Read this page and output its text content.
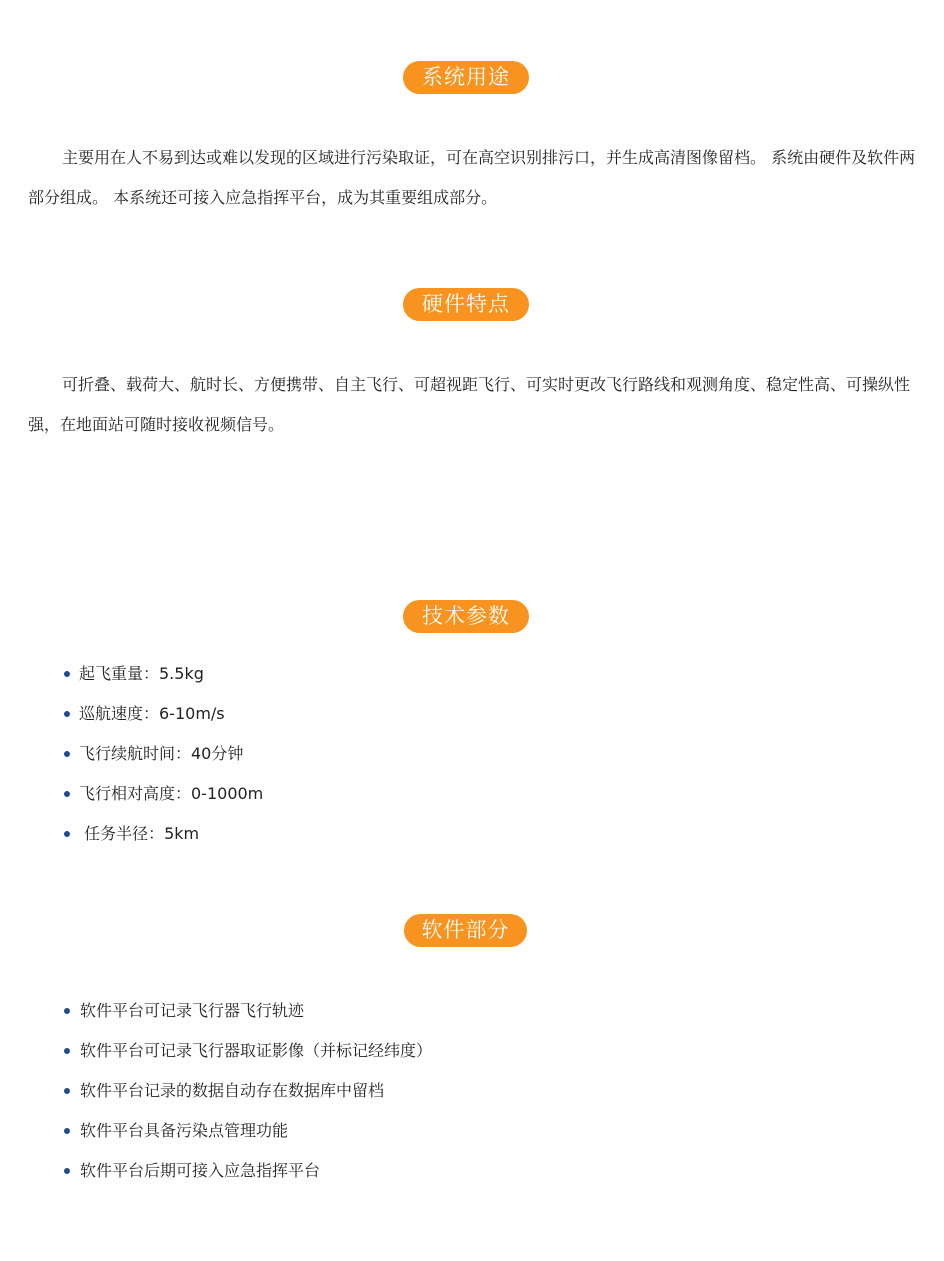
系统用途

主要用在人不易到达或难以发现的区域进行污染取证，可在高空识别排污口，并生成高清图像留档。 系统由硬件及软件两部分组成。 本系统还可接入应急指挥平台，成为其重要组成部分。

硬件特点

可折叠、载荷大、航时长、方便携带、自主飞行、可超视距飞行、可实时更改飞行路线和观测角度、稳定性高、可操纵性强，在地面站可随时接收视频信号。

技术参数
起飞重量：5.5kg
巡航速度：6-10m/s
飞行续航时间：40分钟
飞行相对高度：0-1000m
任务半径：5km
软件部分
软件平台可记录飞行器飞行轨迹
软件平台可记录飞行器取证影像（并标记经纬度）
软件平台记录的数据自动存在数据库中留档
软件平台具备污染点管理功能
软件平台后期可接入应急指挥平台
